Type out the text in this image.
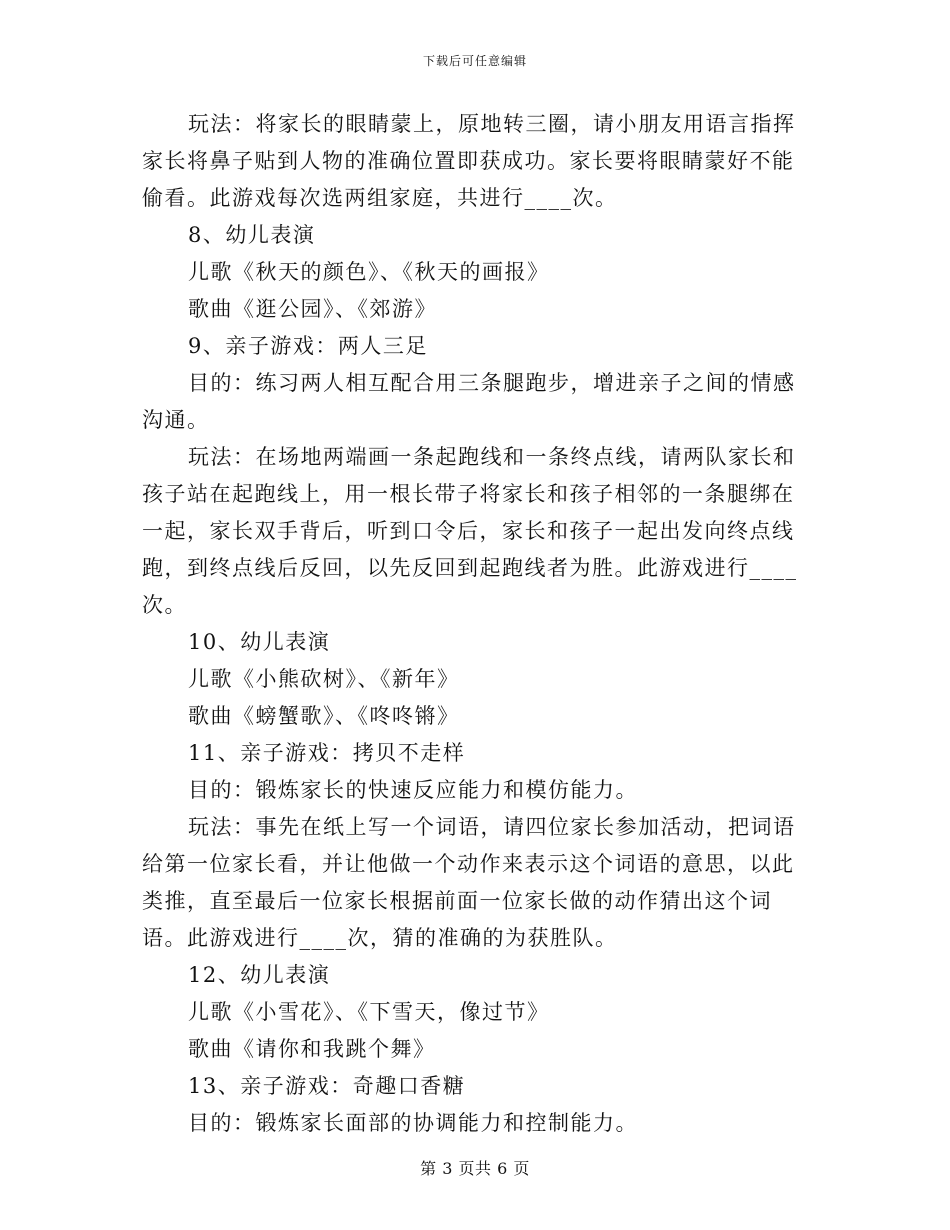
下载后可任意编辑

玩法：将家长的眼睛蒙上，原地转三圈，请小朋友用语言指挥家长将鼻子贴到人物的准确位置即获成功。家长要将眼睛蒙好不能偷看。此游戏每次选两组家庭，共进行____次。

8、幼儿表演

儿歌《秋天的颜色》、《秋天的画报》

歌曲《逛公园》、《郊游》

9、亲子游戏：两人三足

目的：练习两人相互配合用三条腿跑步，增进亲子之间的情感沟通。

玩法：在场地两端画一条起跑线和一条终点线，请两队家长和孩子站在起跑线上，用一根长带子将家长和孩子相邻的一条腿绑在一起，家长双手背后，听到口令后，家长和孩子一起出发向终点线跑，到终点线后反回，以先反回到起跑线者为胜。此游戏进行____次。

10、幼儿表演

儿歌《小熊砍树》、《新年》

歌曲《螃蟹歌》、《咚咚锵》

11、亲子游戏：拷贝不走样

目的：锻炼家长的快速反应能力和模仿能力。

玩法：事先在纸上写一个词语，请四位家长参加活动，把词语给第一位家长看，并让他做一个动作来表示这个词语的意思，以此类推，直至最后一位家长根据前面一位家长做的动作猜出这个词语。此游戏进行____次，猜的准确的为获胜队。

12、幼儿表演

儿歌《小雪花》、《下雪天，像过节》

歌曲《请你和我跳个舞》

13、亲子游戏：奇趣口香糖

目的：锻炼家长面部的协调能力和控制能力。

第 3 页共 6 页
